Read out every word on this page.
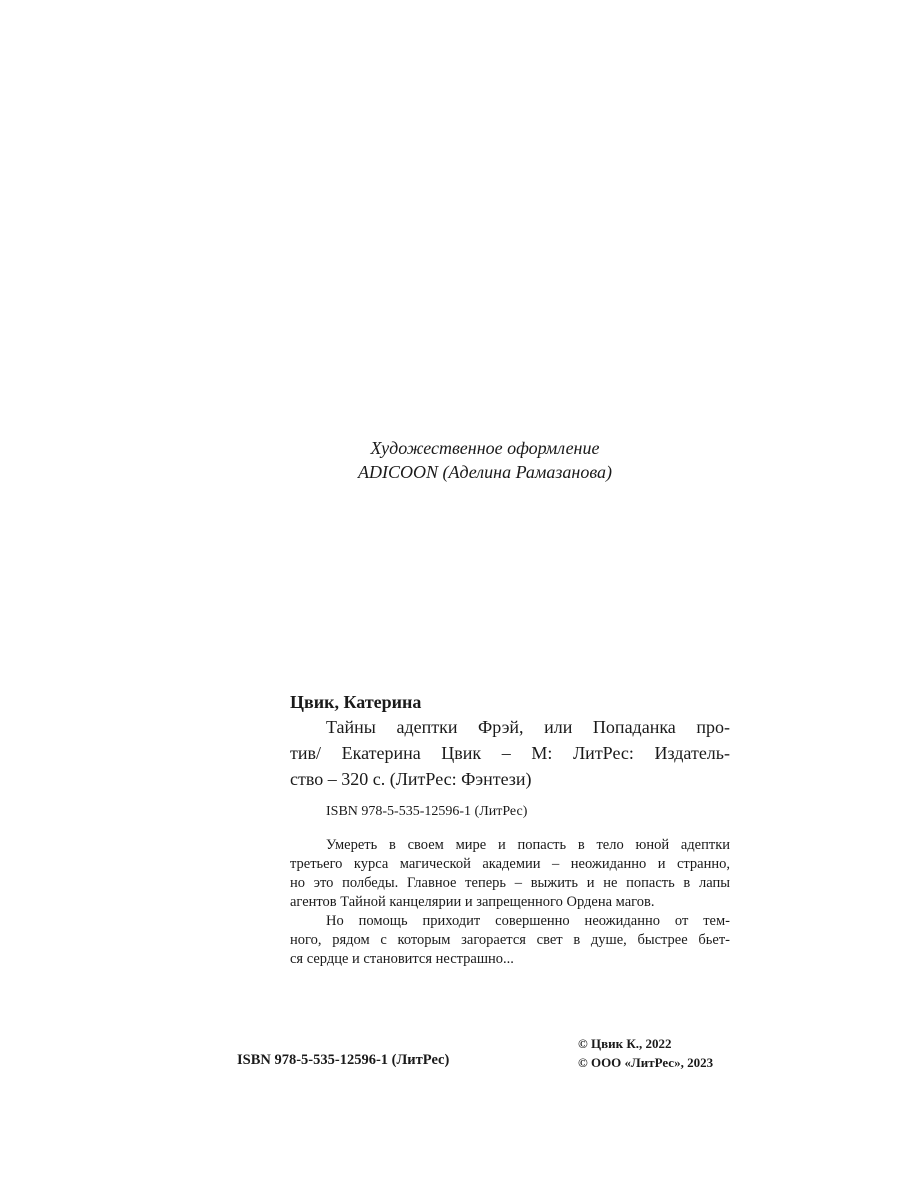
Художественное оформление
ADICOON (Аделина Рамазанова)
Цвик, Катерина
Тайны адептки Фрэй, или Попаданка про-
тив/ Екатерина Цвик – М: ЛитРес: Издатель-
ство – 320 с. (ЛитРес: Фэнтези)
ISBN 978-5-535-12596-1 (ЛитРес)
Умереть в своем мире и попасть в тело юной адептки
третьего курса магической академии – неожиданно и странно,
но это полбеды. Главное теперь – выжить и не попасть в лапы
агентов Тайной канцелярии и запрещенного Ордена магов.
Но помощь приходит совершенно неожиданно от тем-
ного, рядом с которым загорается свет в душе, быстрее бьет-
ся сердце и становится нестрашно...
ISBN 978-5-535-12596-1 (ЛитРес)
© Цвик К., 2022
© ООО «ЛитРес», 2023
